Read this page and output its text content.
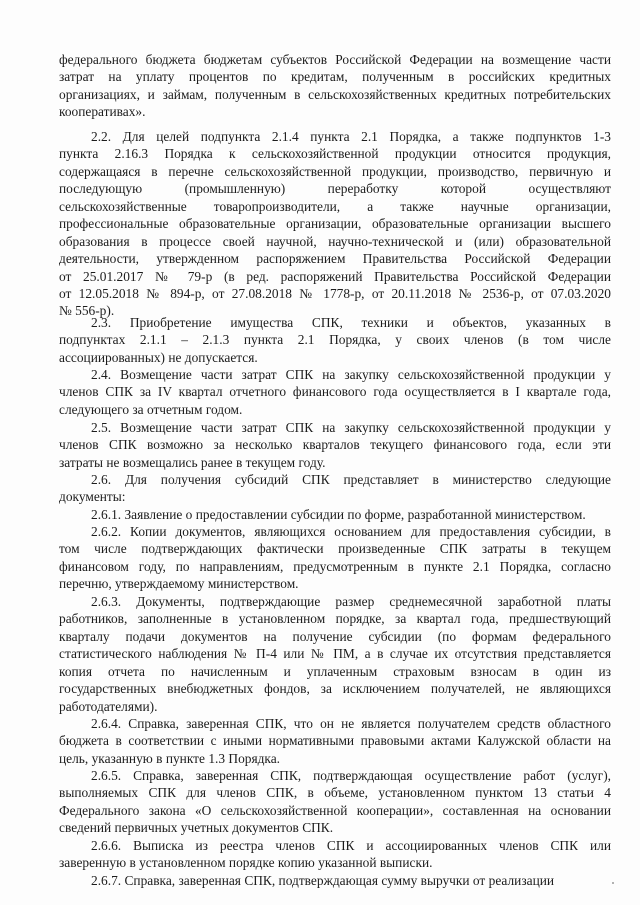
федерального бюджета бюджетам субъектов Российской Федерации на возмещение части
затрат на уплату процентов по кредитам, полученным в российских кредитных
организациях, и займам, полученным в сельскохозяйственных кредитных потребительских
кооперативах».
2.2. Для целей подпункта 2.1.4 пункта 2.1 Порядка, а также подпунктов 1-3
пункта 2.16.3 Порядка к сельскохозяйственной продукции относится продукция,
содержащаяся в перечне сельскохозяйственной продукции, производство, первичную и
последующую (промышленную) переработку которой осуществляют
сельскохозяйственные товаропроизводители, а также научные организации,
профессиональные образовательные организации, образовательные организации высшего
образования в процессе своей научной, научно-технической и (или) образовательной
деятельности, утвержденном распоряжением Правительства Российской Федерации
от 25.01.2017 № 79-р (в ред. распоряжений Правительства Российской Федерации
от 12.05.2018 № 894-р, от 27.08.2018 № 1778-р, от 20.11.2018 № 2536-р, от 07.03.2020
№ 556-р).
2.3. Приобретение имущества СПК, техники и объектов, указанных в
подпунктах 2.1.1 – 2.1.3 пункта 2.1 Порядка, у своих членов (в том числе
ассоциированных) не допускается.
2.4. Возмещение части затрат СПК на закупку сельскохозяйственной продукции у
членов СПК за IV квартал отчетного финансового года осуществляется в I квартале года,
следующего за отчетным годом.
2.5. Возмещение части затрат СПК на закупку сельскохозяйственной продукции у
членов СПК возможно за несколько кварталов текущего финансового года, если эти
затраты не возмещались ранее в текущем году.
2.6. Для получения субсидий СПК представляет в министерство следующие
документы:
2.6.1. Заявление о предоставлении субсидии по форме, разработанной министерством.
2.6.2. Копии документов, являющихся основанием для предоставления субсидии, в
том числе подтверждающих фактически произведенные СПК затраты в текущем
финансовом году, по направлениям, предусмотренным в пункте 2.1 Порядка, согласно
перечню, утверждаемому министерством.
2.6.3. Документы, подтверждающие размер среднемесячной заработной платы
работников, заполненные в установленном порядке, за квартал года, предшествующий
кварталу подачи документов на получение субсидии (по формам федерального
статистического наблюдения № П-4 или № ПМ, а в случае их отсутствия представляется
копия отчета по начисленным и уплаченным страховым взносам в один из
государственных внебюджетных фондов, за исключением получателей, не являющихся
работодателями).
2.6.4. Справка, заверенная СПК, что он не является получателем средств областного
бюджета в соответствии с иными нормативными правовыми актами Калужской области на
цель, указанную в пункте 1.3 Порядка.
2.6.5. Справка, заверенная СПК, подтверждающая осуществление работ (услуг),
выполняемых СПК для членов СПК, в объеме, установленном пунктом 13 статьи 4
Федерального закона «О сельскохозяйственной кооперации», составленная на основании
сведений первичных учетных документов СПК.
2.6.6. Выписка из реестра членов СПК и ассоциированных членов СПК или
заверенную в установленном порядке копию указанной выписки.
2.6.7. Справка, заверенная СПК, подтверждающая сумму выручки от реализации
